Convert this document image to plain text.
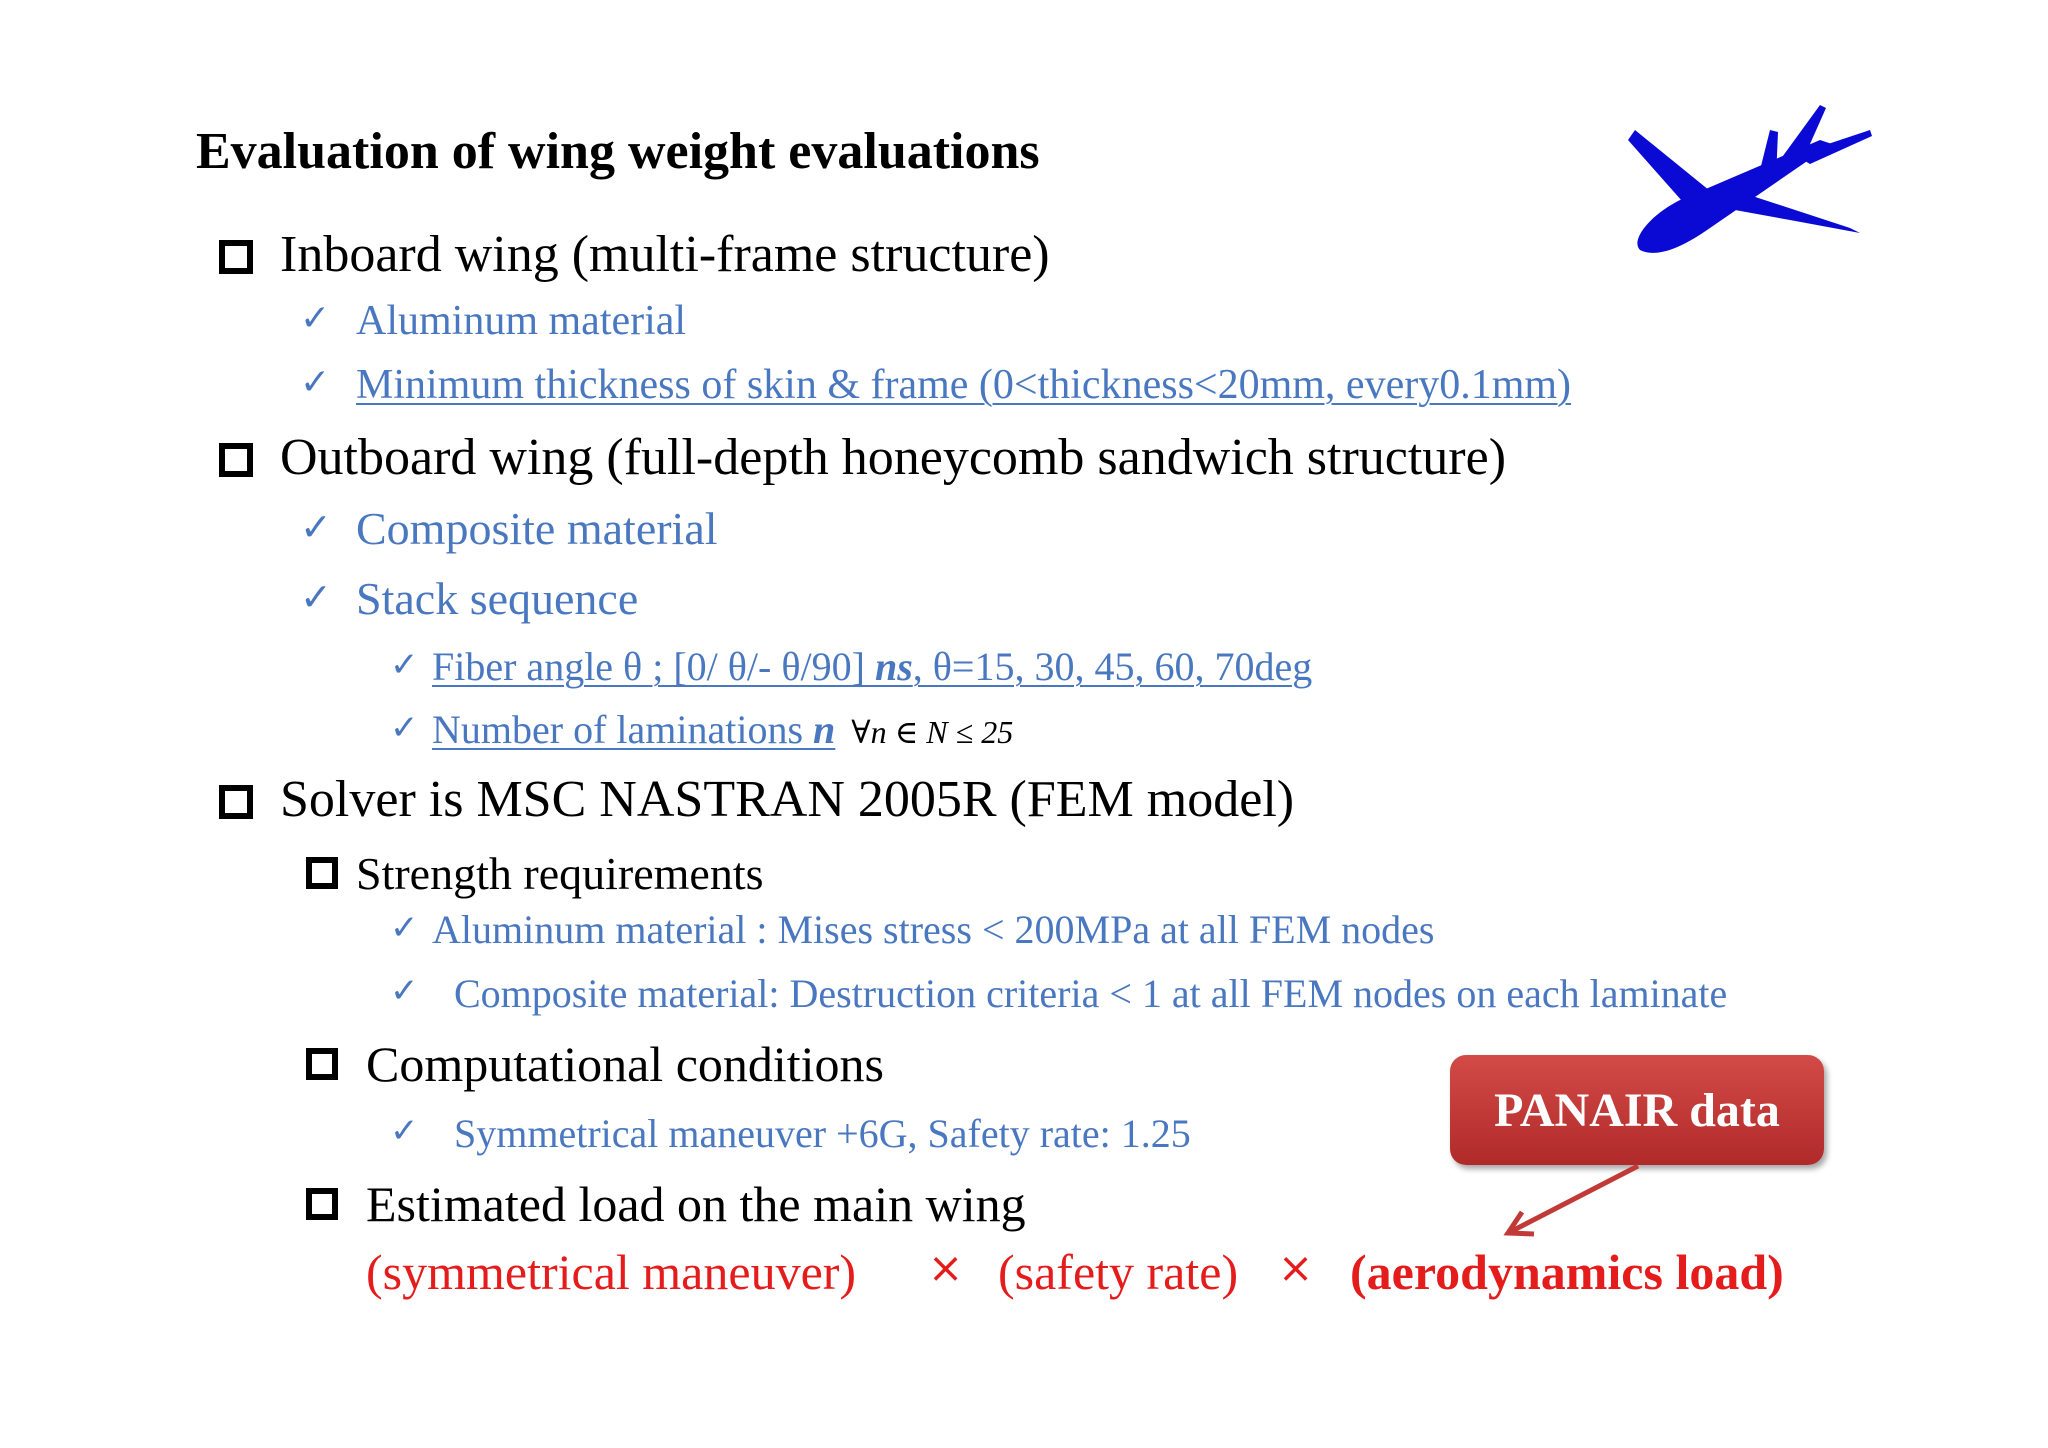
Evaluation of wing weight evaluations
Inboard wing (multi-frame structure)
✓ Aluminum material
✓ Minimum thickness of skin & frame (0<thickness<20mm, every0.1mm)
Outboard wing (full-depth honeycomb sandwich structure)
✓ Composite material
✓ Stack sequence
✓ Fiber angle θ ; [0/ θ/- θ/90] ns, θ=15, 30, 45, 60, 70deg
✓ Number of laminations n ∀n ∈ N ≤ 25
Solver is MSC NASTRAN 2005R (FEM model)
Strength requirements
✓ Aluminum material : Mises stress < 200MPa at all FEM nodes
✓ Composite material: Destruction criteria < 1 at all FEM nodes on each laminate
Computational conditions
✓ Symmetrical maneuver +6G, Safety rate: 1.25
Estimated load on the main wing
(symmetrical maneuver) × (safety rate) × (aerodynamics load)
PANAIR data
